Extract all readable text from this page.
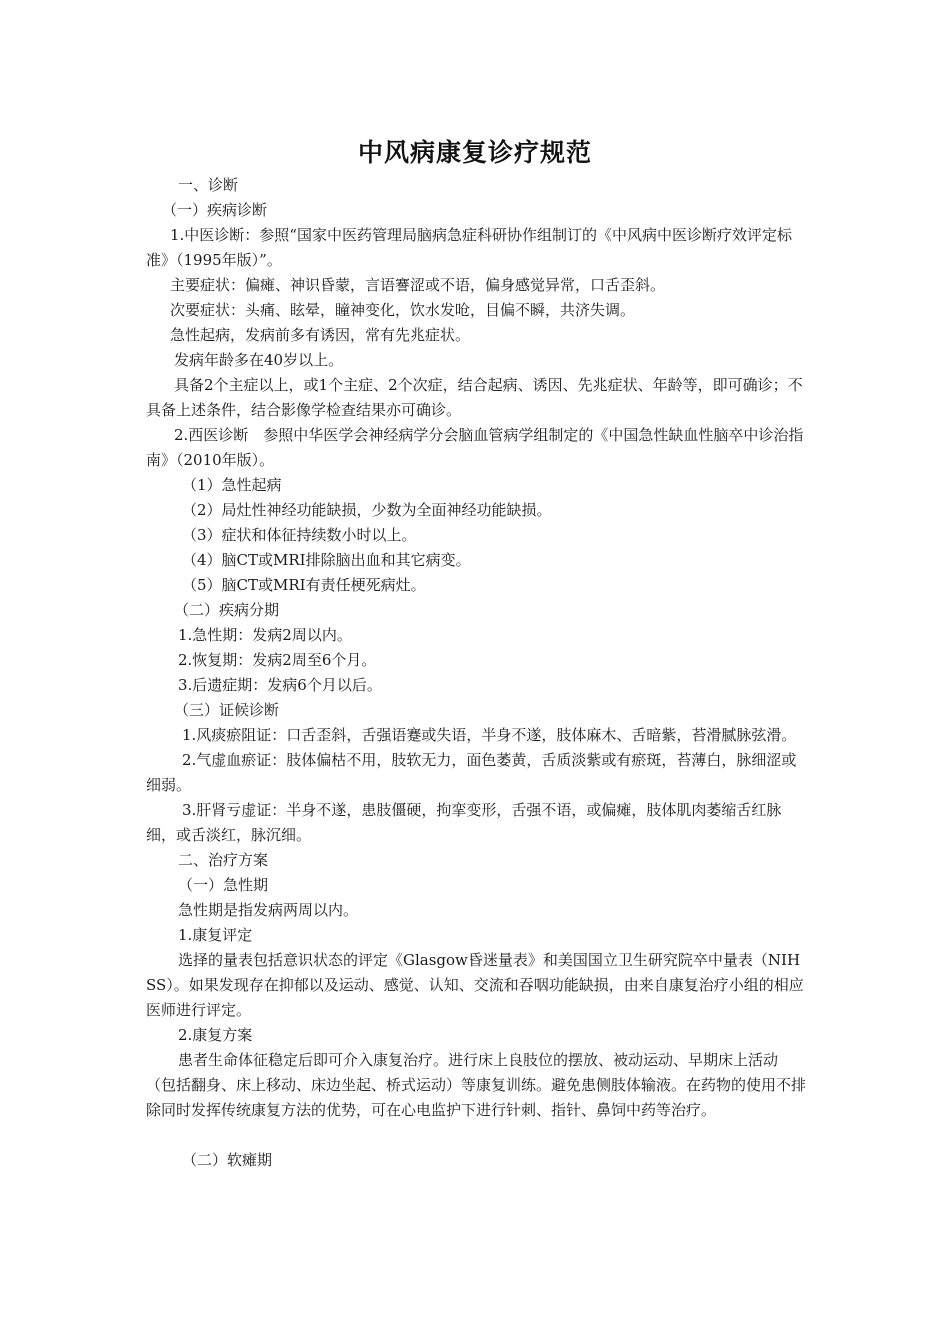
中风病康复诊疗规范

一、诊断

（一）疾病诊断

1.中医诊断：参照“国家中医药管理局脑病急症科研协作组制订的《中风病中医诊断疗效评定标准》（1995年版）”。

主要症状：偏瘫、神识昏蒙，言语謇涩或不语，偏身感觉异常，口舌歪斜。

次要症状：头痛、眩晕，瞳神变化，饮水发呛，目偏不瞬，共济失调。

急性起病，发病前多有诱因，常有先兆症状。

发病年龄多在40岁以上。

具备2个主症以上，或1个主症、2个次症，结合起病、诱因、先兆症状、年龄等，即可确诊；不具备上述条件，结合影像学检查结果亦可确诊。

2.西医诊断　参照中华医学会神经病学分会脑血管病学组制定的《中国急性缺血性脑卒中诊治指南》（2010年版）。

（1）急性起病

（2）局灶性神经功能缺损，少数为全面神经功能缺损。

（3）症状和体征持续数小时以上。

（4）脑CT或MRI排除脑出血和其它病变。

（5）脑CT或MRI有责任梗死病灶。

（二）疾病分期

1.急性期：发病2周以内。

2.恢复期：发病2周至6个月。

3.后遗症期：发病6个月以后。

（三）证候诊断

1.风痰瘀阻证：口舌歪斜，舌强语蹇或失语，半身不遂，肢体麻木、舌暗紫，苔滑腻脉弦滑。

2.气虚血瘀证：肢体偏枯不用，肢软无力，面色萎黄，舌质淡紫或有瘀斑，苔薄白，脉细涩或细弱。

3.肝肾亏虚证：半身不遂，患肢僵硬，拘挛变形，舌强不语，或偏瘫，肢体肌肉萎缩舌红脉细，或舌淡红，脉沉细。

二、治疗方案

（一）急性期

急性期是指发病两周以内。

1.康复评定

选择的量表包括意识状态的评定《Glasgow昏迷量表》和美国国立卫生研究院卒中量表（NIHSS）。如果发现存在抑郁以及运动、感觉、认知、交流和吞咽功能缺损，由来自康复治疗小组的相应医师进行评定。

2.康复方案

患者生命体征稳定后即可介入康复治疗。进行床上良肢位的摆放、被动运动、早期床上活动（包括翻身、床上移动、床边坐起、桥式运动）等康复训练。避免患侧肢体输液。在药物的使用不排除同时发挥传统康复方法的优势，可在心电监护下进行针刺、指针、鼻饲中药等治疗。

（二）软瘫期
